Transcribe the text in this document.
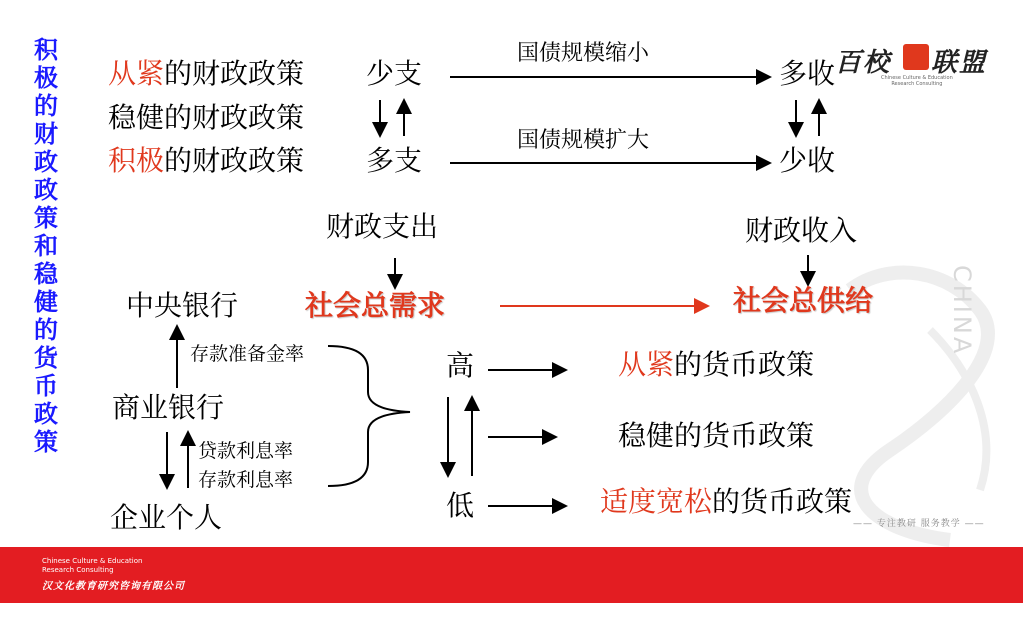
CHINA
积
极
的
财
政
政
策
和
稳
健
的
货
币
政
策
从紧的财政政策 少支
国债规模缩小
多收
稳健的财政政策
积极的财政政策 多支
国债规模扩大
少收
财政支出	财政收入
社会总需求	社会总供给
中央银行
存款准备金率
商业银行
贷款利息率
存款利息率
企业个人
高
低
从紧的货币政策
稳健的货币政策
适度宽松的货币政策
百校 联盟
Chinese Culture & Education
Research Consulting
—— 专注教研 服务教学 ——
Chinese Culture & Education
Research Consulting
汉文化教育研究咨询有限公司
